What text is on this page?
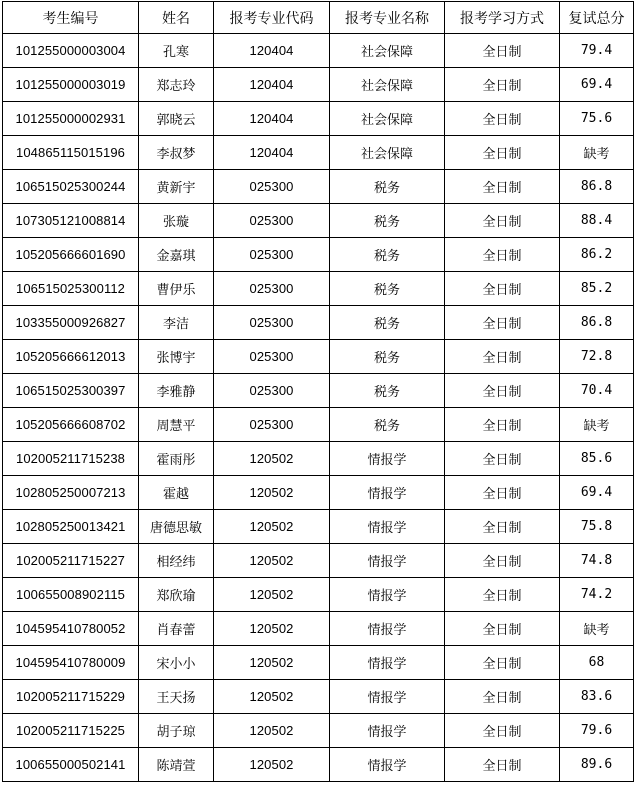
考生编号	姓名	报考专业代码	报考专业名称	报考学习方式	复试总分
101255000003004	孔寒	120404	社会保障	全日制	79.4
101255000003019	郑志玲	120404	社会保障	全日制	69.4
101255000002931	郭晓云	120404	社会保障	全日制	75.6
104865115015196	李叔梦	120404	社会保障	全日制	缺考
106515025300244	黄新宇	025300	税务	全日制	86.8
107305121008814	张璇	025300	税务	全日制	88.4
105205666601690	金嘉琪	025300	税务	全日制	86.2
106515025300112	曹伊乐	025300	税务	全日制	85.2
103355000926827	李洁	025300	税务	全日制	86.8
105205666612013	张博宇	025300	税务	全日制	72.8
106515025300397	李雅静	025300	税务	全日制	70.4
105205666608702	周慧平	025300	税务	全日制	缺考
102005211715238	霍雨彤	120502	情报学	全日制	85.6
102805250007213	霍越	120502	情报学	全日制	69.4
102805250013421	唐德思敏	120502	情报学	全日制	75.8
102005211715227	相经纬	120502	情报学	全日制	74.8
100655008902115	郑欣瑜	120502	情报学	全日制	74.2
104595410780052	肖春蕾	120502	情报学	全日制	缺考
104595410780009	宋小小	120502	情报学	全日制	68
102005211715229	王天扬	120502	情报学	全日制	83.6
102005211715225	胡子琼	120502	情报学	全日制	79.6
100655000502141	陈靖萱	120502	情报学	全日制	89.6
